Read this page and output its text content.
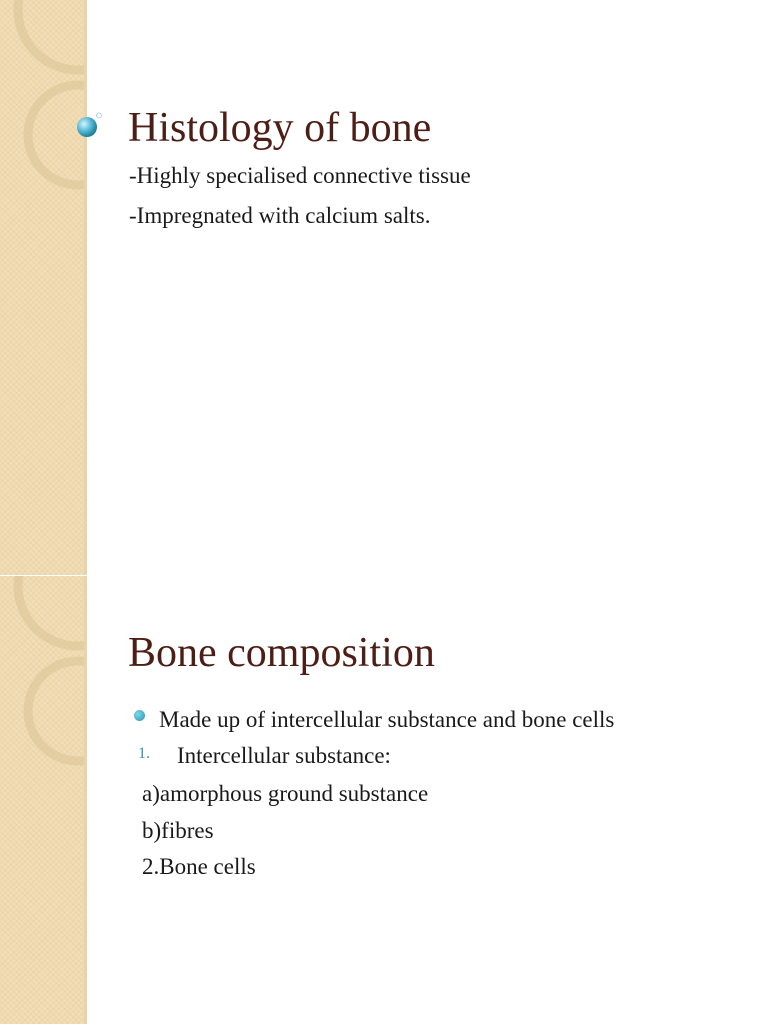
Histology of bone
-Highly specialised connective tissue
-Impregnated with calcium salts.
Bone composition
Made up of intercellular substance and bone cells
1. Intercellular substance:
a)amorphous ground substance
b)fibres
2.Bone cells
